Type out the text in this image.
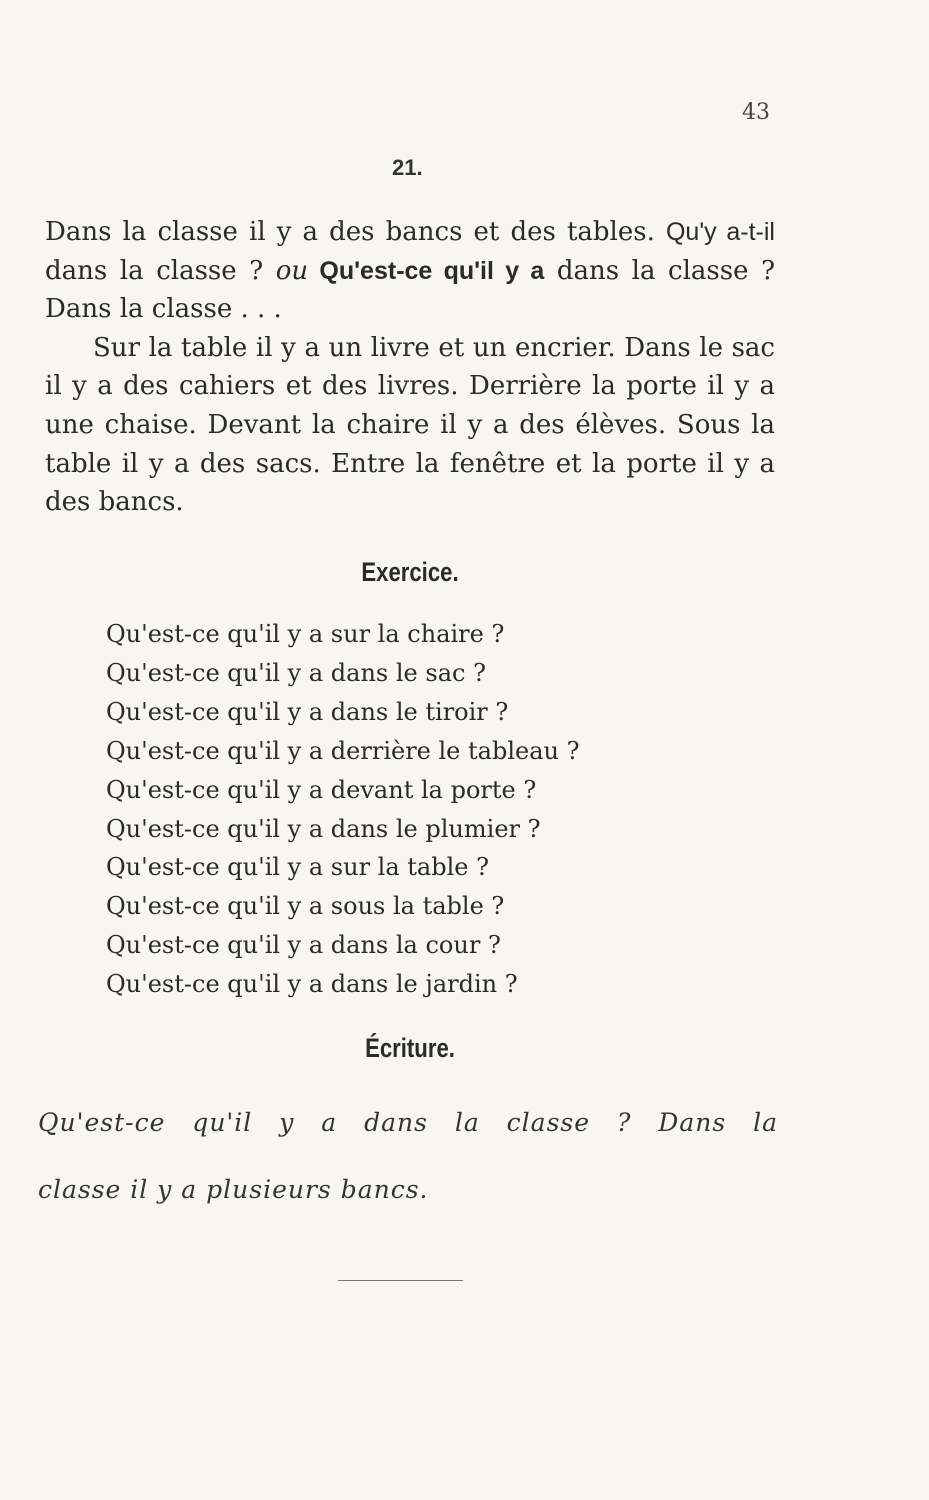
43
21.

Dans la classe il y a des bancs et des tables. Qu'y a-t-il dans la classe ? ou Qu'est-ce qu'il y a dans la classe ? Dans la classe . . .

Sur la table il y a un livre et un encrier. Dans le sac il y a des cahiers et des livres. Derrière la porte il y a une chaise. Devant la chaire il y a des élèves. Sous la table il y a des sacs. Entre la fenêtre et la porte il y a des bancs.

Exercice.
Qu'est-ce qu'il y a sur la chaire ?
Qu'est-ce qu'il y a dans le sac ?
Qu'est-ce qu'il y a dans le tiroir ?
Qu'est-ce qu'il y a derrière le tableau ?
Qu'est-ce qu'il y a devant la porte ?
Qu'est-ce qu'il y a dans le plumier ?
Qu'est-ce qu'il y a sur la table ?
Qu'est-ce qu'il y a sous la table ?
Qu'est-ce qu'il y a dans la cour ?
Qu'est-ce qu'il y a dans le jardin ?
Écriture.
Qu'est-ce qu'il y a dans la classe ? Dans la
classe il y a plusieurs bancs.
